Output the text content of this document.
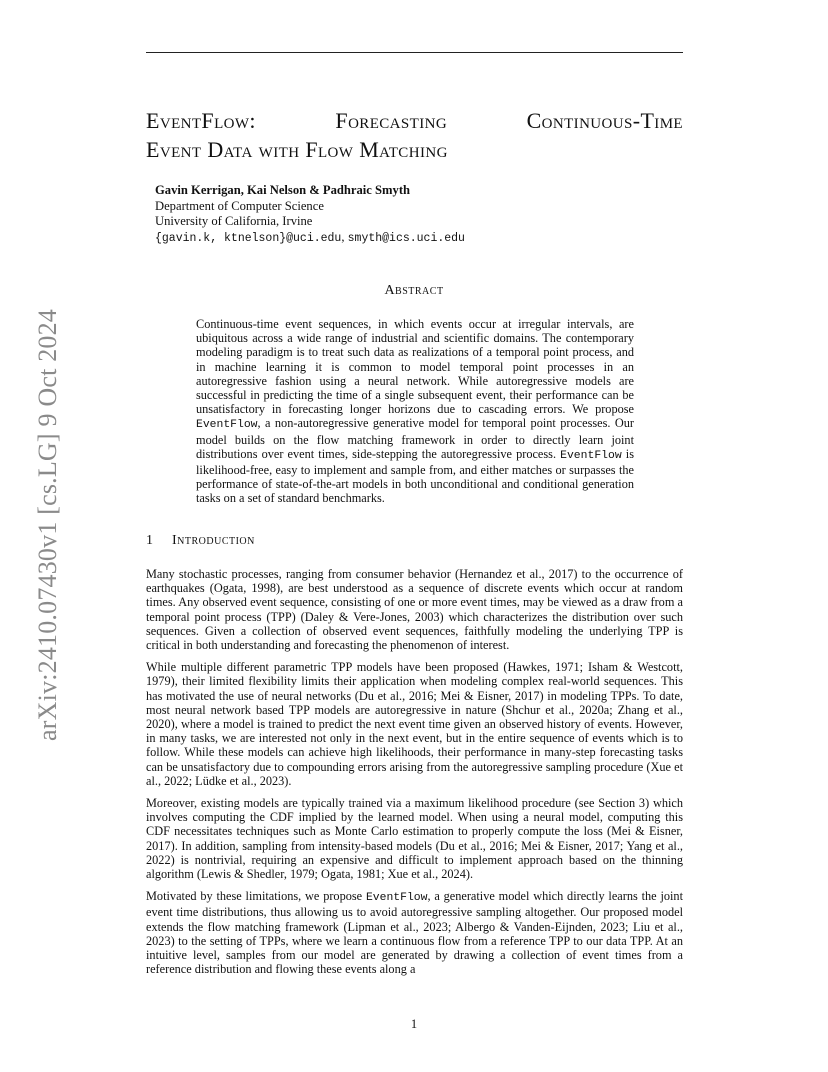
arXiv:2410.07430v1 [cs.LG] 9 Oct 2024
EventFlow: Forecasting Continuous-Time
Event Data with Flow Matching
Gavin Kerrigan, Kai Nelson & Padhraic Smyth
Department of Computer Science
University of California, Irvine
{gavin.k, ktnelson}@uci.edu, smyth@ics.uci.edu
Abstract

Continuous-time event sequences, in which events occur at irregular intervals, are ubiquitous across a wide range of industrial and scientific domains. The contemporary modeling paradigm is to treat such data as realizations of a temporal point process, and in machine learning it is common to model temporal point processes in an autoregressive fashion using a neural network. While autoregressive models are successful in predicting the time of a single subsequent event, their performance can be unsatisfactory in forecasting longer horizons due to cascading errors. We propose EventFlow, a non-autoregressive generative model for temporal point processes. Our model builds on the flow matching framework in order to directly learn joint distributions over event times, side-stepping the autoregressive process. EventFlow is likelihood-free, easy to implement and sample from, and either matches or surpasses the performance of state-of-the-art models in both unconditional and conditional generation tasks on a set of standard benchmarks.

1 Introduction

Many stochastic processes, ranging from consumer behavior (Hernandez et al., 2017) to the occurrence of earthquakes (Ogata, 1998), are best understood as a sequence of discrete events which occur at random times. Any observed event sequence, consisting of one or more event times, may be viewed as a draw from a temporal point process (TPP) (Daley & Vere-Jones, 2003) which characterizes the distribution over such sequences. Given a collection of observed event sequences, faithfully modeling the underlying TPP is critical in both understanding and forecasting the phenomenon of interest.

While multiple different parametric TPP models have been proposed (Hawkes, 1971; Isham & Westcott, 1979), their limited flexibility limits their application when modeling complex real-world sequences. This has motivated the use of neural networks (Du et al., 2016; Mei & Eisner, 2017) in modeling TPPs. To date, most neural network based TPP models are autoregressive in nature (Shchur et al., 2020a; Zhang et al., 2020), where a model is trained to predict the next event time given an observed history of events. However, in many tasks, we are interested not only in the next event, but in the entire sequence of events which is to follow. While these models can achieve high likelihoods, their performance in many-step forecasting tasks can be unsatisfactory due to compounding errors arising from the autoregressive sampling procedure (Xue et al., 2022; Lüdke et al., 2023).

Moreover, existing models are typically trained via a maximum likelihood procedure (see Section 3) which involves computing the CDF implied by the learned model. When using a neural model, computing this CDF necessitates techniques such as Monte Carlo estimation to properly compute the loss (Mei & Eisner, 2017). In addition, sampling from intensity-based models (Du et al., 2016; Mei & Eisner, 2017; Yang et al., 2022) is nontrivial, requiring an expensive and difficult to implement approach based on the thinning algorithm (Lewis & Shedler, 1979; Ogata, 1981; Xue et al., 2024).

Motivated by these limitations, we propose EventFlow, a generative model which directly learns the joint event time distributions, thus allowing us to avoid autoregressive sampling altogether. Our proposed model extends the flow matching framework (Lipman et al., 2023; Albergo & Vanden-Eijnden, 2023; Liu et al., 2023) to the setting of TPPs, where we learn a continuous flow from a reference TPP to our data TPP. At an intuitive level, samples from our model are generated by drawing a collection of event times from a reference distribution and flowing these events along a

1
